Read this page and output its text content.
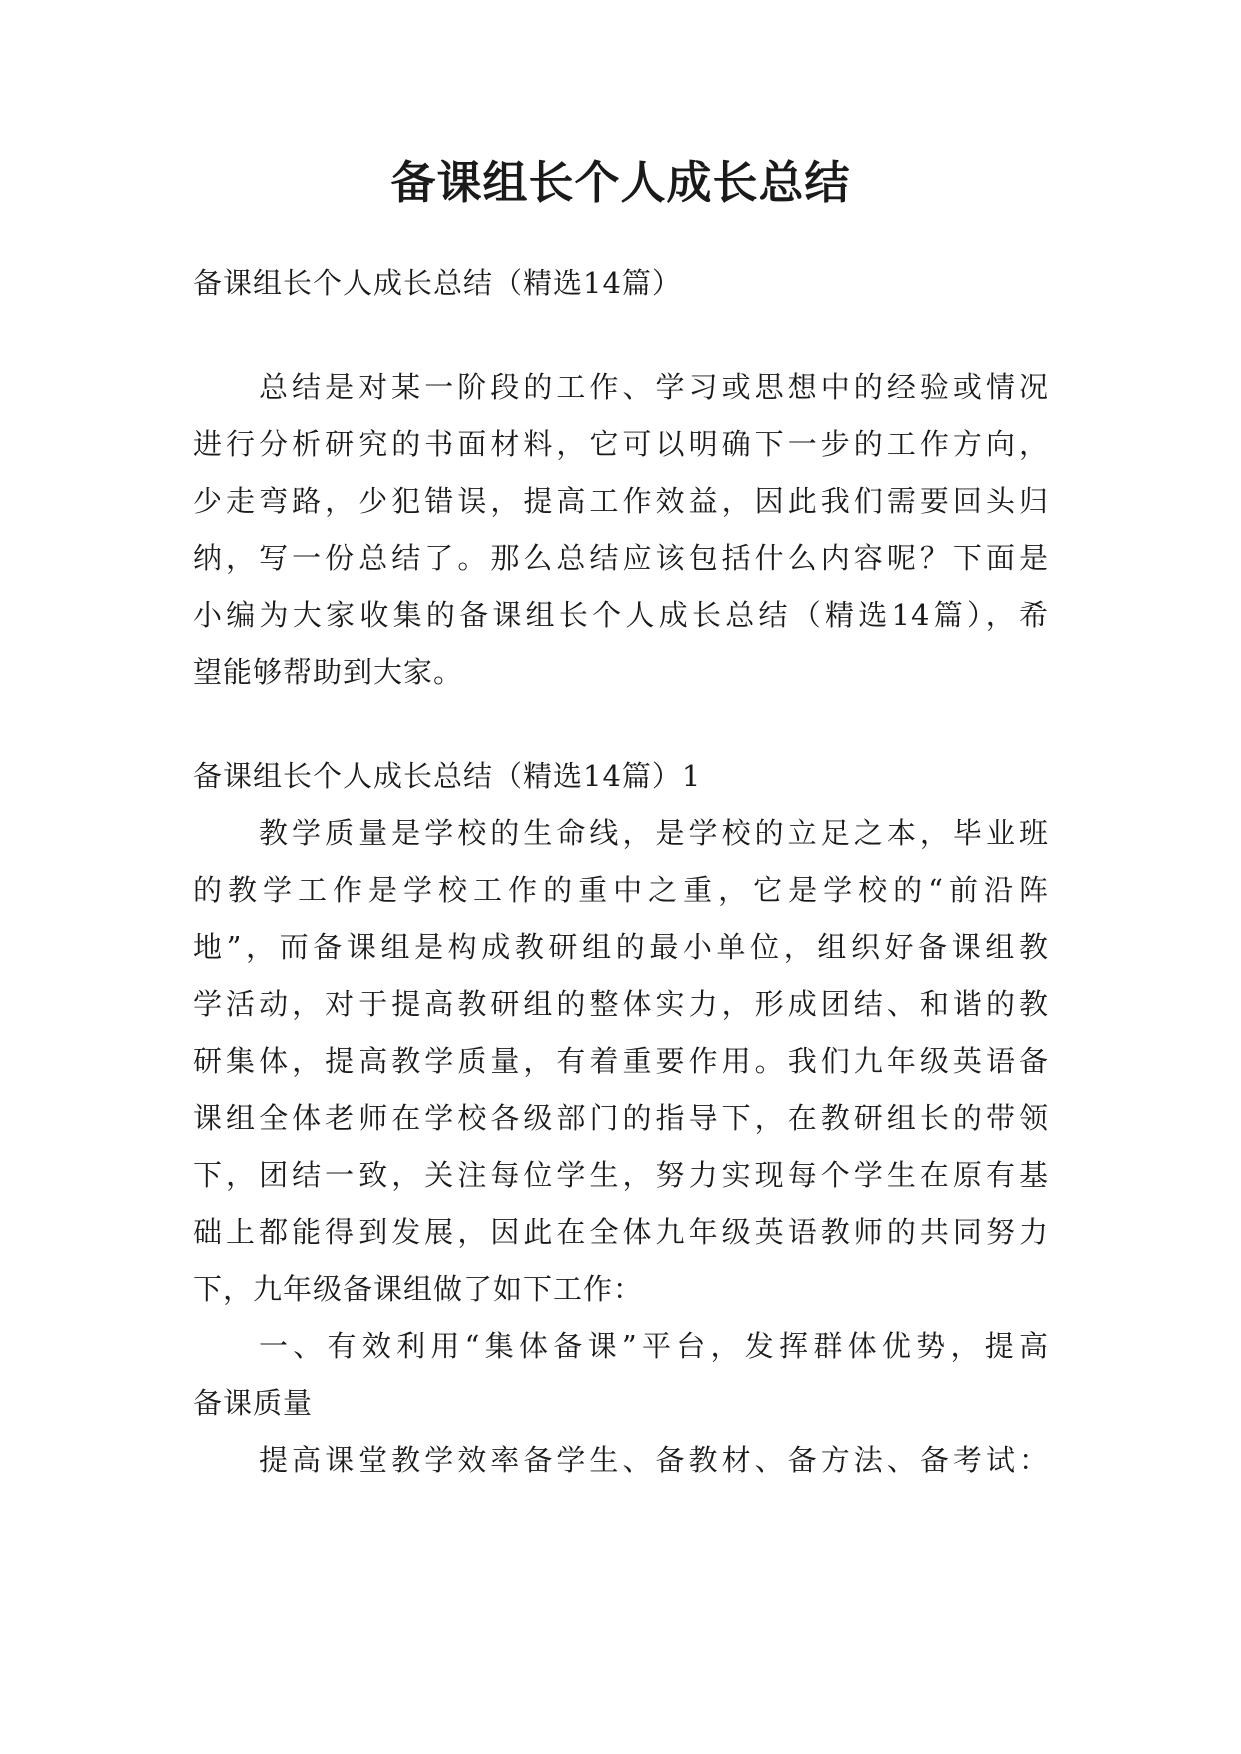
备课组长个人成长总结
备课组长个人成长总结（精选14篇）
总结是对某一阶段的工作、学习或思想中的经验或情况
进行分析研究的书面材料，它可以明确下一步的工作方向，
少走弯路，少犯错误，提高工作效益，因此我们需要回头归
纳，写一份总结了。那么总结应该包括什么内容呢？下面是
小编为大家收集的备课组长个人成长总结（精选14篇），希
望能够帮助到大家。
备课组长个人成长总结（精选14篇）1
教学质量是学校的生命线，是学校的立足之本，毕业班
的教学工作是学校工作的重中之重，它是学校的“前沿阵
地”，而备课组是构成教研组的最小单位，组织好备课组教
学活动，对于提高教研组的整体实力，形成团结、和谐的教
研集体，提高教学质量，有着重要作用。我们九年级英语备
课组全体老师在学校各级部门的指导下，在教研组长的带领
下，团结一致，关注每位学生，努力实现每个学生在原有基
础上都能得到发展，因此在全体九年级英语教师的共同努力
下，九年级备课组做了如下工作：
一、有效利用“集体备课”平台，发挥群体优势，提高
备课质量
提高课堂教学效率备学生、备教材、备方法、备考试：
